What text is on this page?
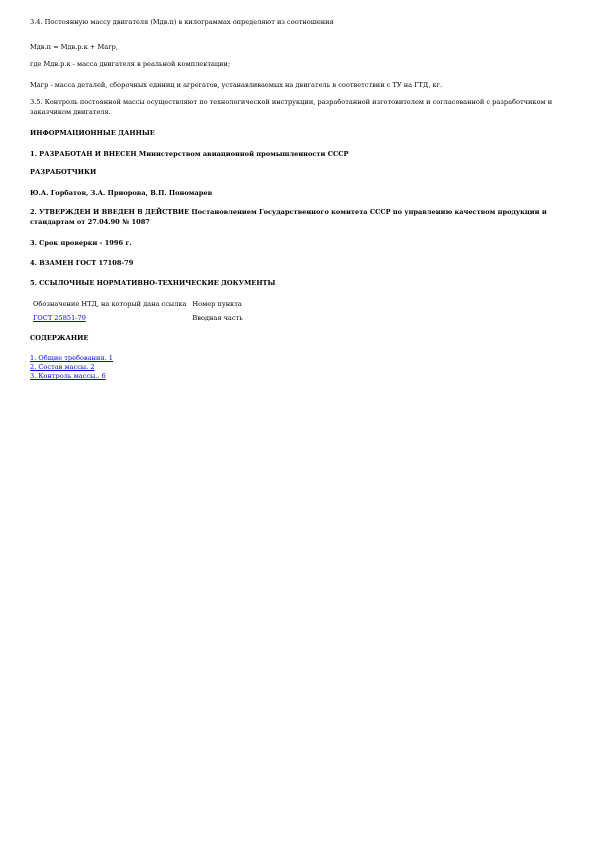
3.4. Постоянную массу двигателя (Мдв.п) в килограммах определяют из соотношения

Мдв.п = Мдв.р.к + Магр,

где Мдв.р.к - масса двигателя в реальной комплектации;

Магр - масса деталей, сборочных единиц и агрегатов, устанавливаемых на двигатель в соответствии с ТУ на ГТД, кг.

3.5. Контроль постоянной массы осуществляют по технологической инструкции, разработанной изготовителем и согласованной с разработчиком и заказчиком двигателя.

ИНФОРМАЦИОННЫЕ ДАННЫЕ

1. РАЗРАБОТАН И ВНЕСЕН Министерством авиационной промышленности СССР

РАЗРАБОТЧИКИ

Ю.А. Горбатов, З.А. Приорова, В.П. Пономарев

2. УТВЕРЖДЕН И ВВЕДЕН В ДЕЙСТВИЕ Постановлением Государственного комитета СССР по управлению качеством продукции и стандартам от 27.04.90 № 1087

3. Срок проверки - 1996 г.

4. ВЗАМЕН ГОСТ 17108-79

5. ССЫЛОЧНЫЕ НОРМАТИВНО-ТЕХНИЧЕСКИЕ ДОКУМЕНТЫ

Обозначение НТД, на который дана ссылка	Номер пункта
ГОСТ 25851-79	Вводная часть

СОДЕРЖАНИЕ

1. Общие требования. 1
2. Состав массы. 2
3. Контроль массы.. 6
